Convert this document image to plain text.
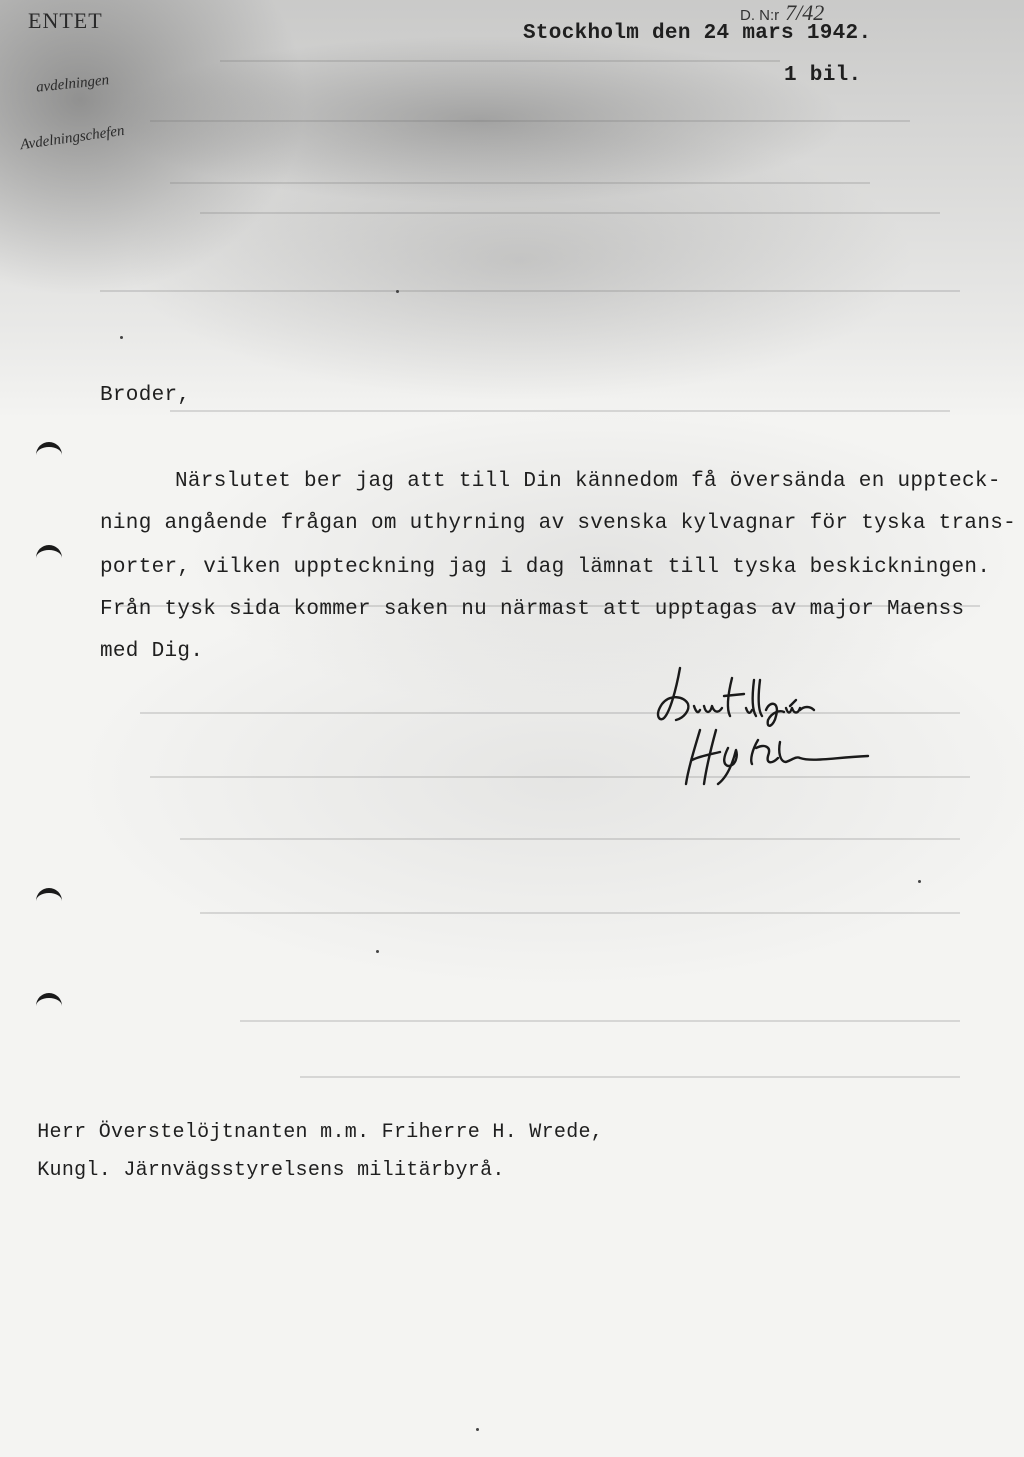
ENTET
avdelningen
Avdelningschefen
D. N:r 7/42
Stockholm den 24 mars 1942.
1 bil.
Broder,
Närslutet ber jag att till Din kännedom få översända en uppteck-
ning angående frågan om uthyrning av svenska kylvagnar för tyska trans-
porter, vilken uppteckning jag i dag lämnat till tyska beskickningen.
Från tysk sida kommer saken nu närmast att upptagas av major Maenss
med Dig.

Herr Överstelöjtnanten m.m. Friherre H. Wrede,

Kungl. Järnvägsstyrelsens militärbyrå.
